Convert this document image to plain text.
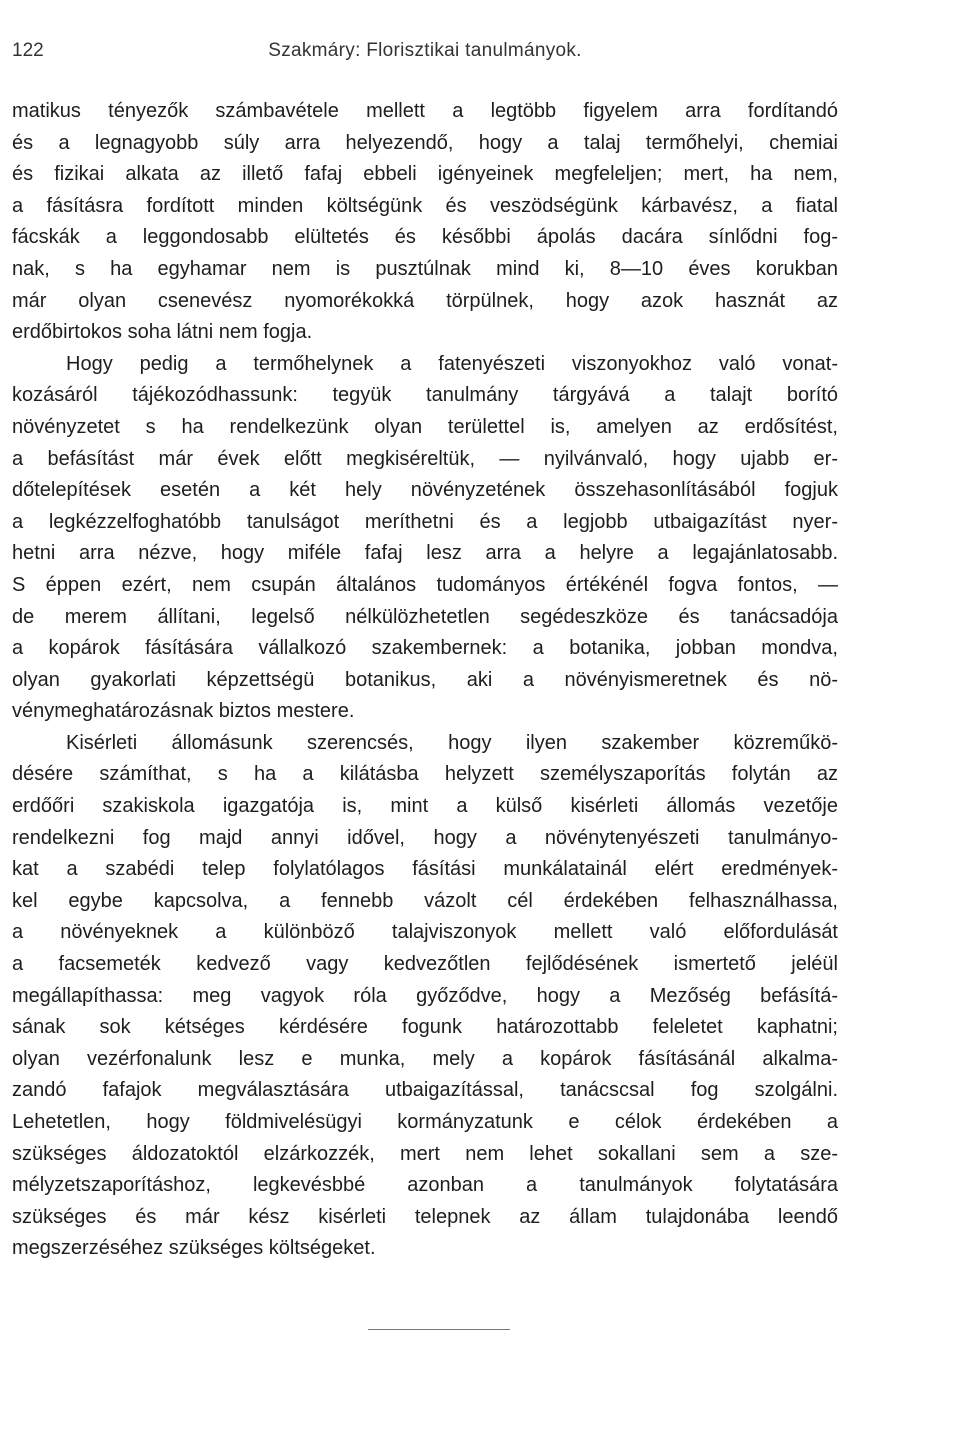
122	Szakmáry: Florisztikai tanulmányok.
matikus tényezők számbavétele mellett a legtöbb figyelem arra fordítandó
és a legnagyobb súly arra helyezendő, hogy a talaj termőhelyi, chemiai
és fizikai alkata az illető fafaj ebbeli igényeinek megfeleljen; mert, ha nem,
a fásításra fordított minden költségünk és veszödségünk kárbavész, a fiatal
fácskák a leggondosabb elültetés és későbbi ápolás dacára sínlődni fog-
nak, s ha egyhamar nem is pusztúlnak mind ki, 8—10 éves korukban
már olyan csenevész nyomorékokká törpülnek, hogy azok hasznát az
erdőbirtokos soha látni nem fogja.
Hogy pedig a termőhelynek a fatenyészeti viszonyokhoz való vonat-
kozásáról tájékozódhassunk: tegyük tanulmány tárgyává a talajt borító
növényzetet s ha rendelkezünk olyan területtel is, amelyen az erdősítést,
a befásítást már évek előtt megkiséreltük, — nyilvánvaló, hogy ujabb er-
dőtelepítések esetén a két hely növényzetének összehasonlításából fogjuk
a legkézzelfoghatóbb tanulságot meríthetni és a legjobb utbaigazítást nyer-
hetni arra nézve, hogy miféle fafaj lesz arra a helyre a legajánlatosabb.
S éppen ezért, nem csupán általános tudományos értékénél fogva fontos, —
de merem állítani, legelső nélkülözhetetlen segédeszköze és tanácsadója
a kopárok fásítására vállalkozó szakembernek: a botanika, jobban mondva,
olyan gyakorlati képzettségü botanikus, aki a növényismeretnek és nö-
vénymeghatározásnak biztos mestere.
Kisérleti állomásunk szerencsés, hogy ilyen szakember közreműkö-
désére számíthat, s ha a kilátásba helyzett személyszaporítás folytán az
erdőőri szakiskola igazgatója is, mint a külső kisérleti állomás vezetője
rendelkezni fog majd annyi idővel, hogy a növénytenyészeti tanulmányo-
kat a szabédi telep folylatólagos fásítási munkálatainál elért eredmények-
kel egybe kapcsolva, a fennebb vázolt cél érdekében felhasználhassa,
a növényeknek a különböző talajviszonyok mellett való előfordulását
a facsemeték kedvező vagy kedvezőtlen fejlődésének ismertető jeléül
megállapíthassa: meg vagyok róla győződve, hogy a Mezőség befásítá-
sának sok kétséges kérdésére fogunk határozottabb feleletet kaphatni;
olyan vezérfonalunk lesz e munka, mely a kopárok fásításánál alkalma-
zandó fafajok megválasztására utbaigazítással, tanácscsal fog szolgálni.
Lehetetlen, hogy földmivelésügyi kormányzatunk e célok érdekében a
szükséges áldozatoktól elzárkozzék, mert nem lehet sokallani sem a sze-
mélyzetszaporításhoz, legkevésbbé azonban a tanulmányok folytatására
szükséges és már kész kisérleti telepnek az állam tulajdonába leendő
megszerzéséhez szükséges költségeket.
